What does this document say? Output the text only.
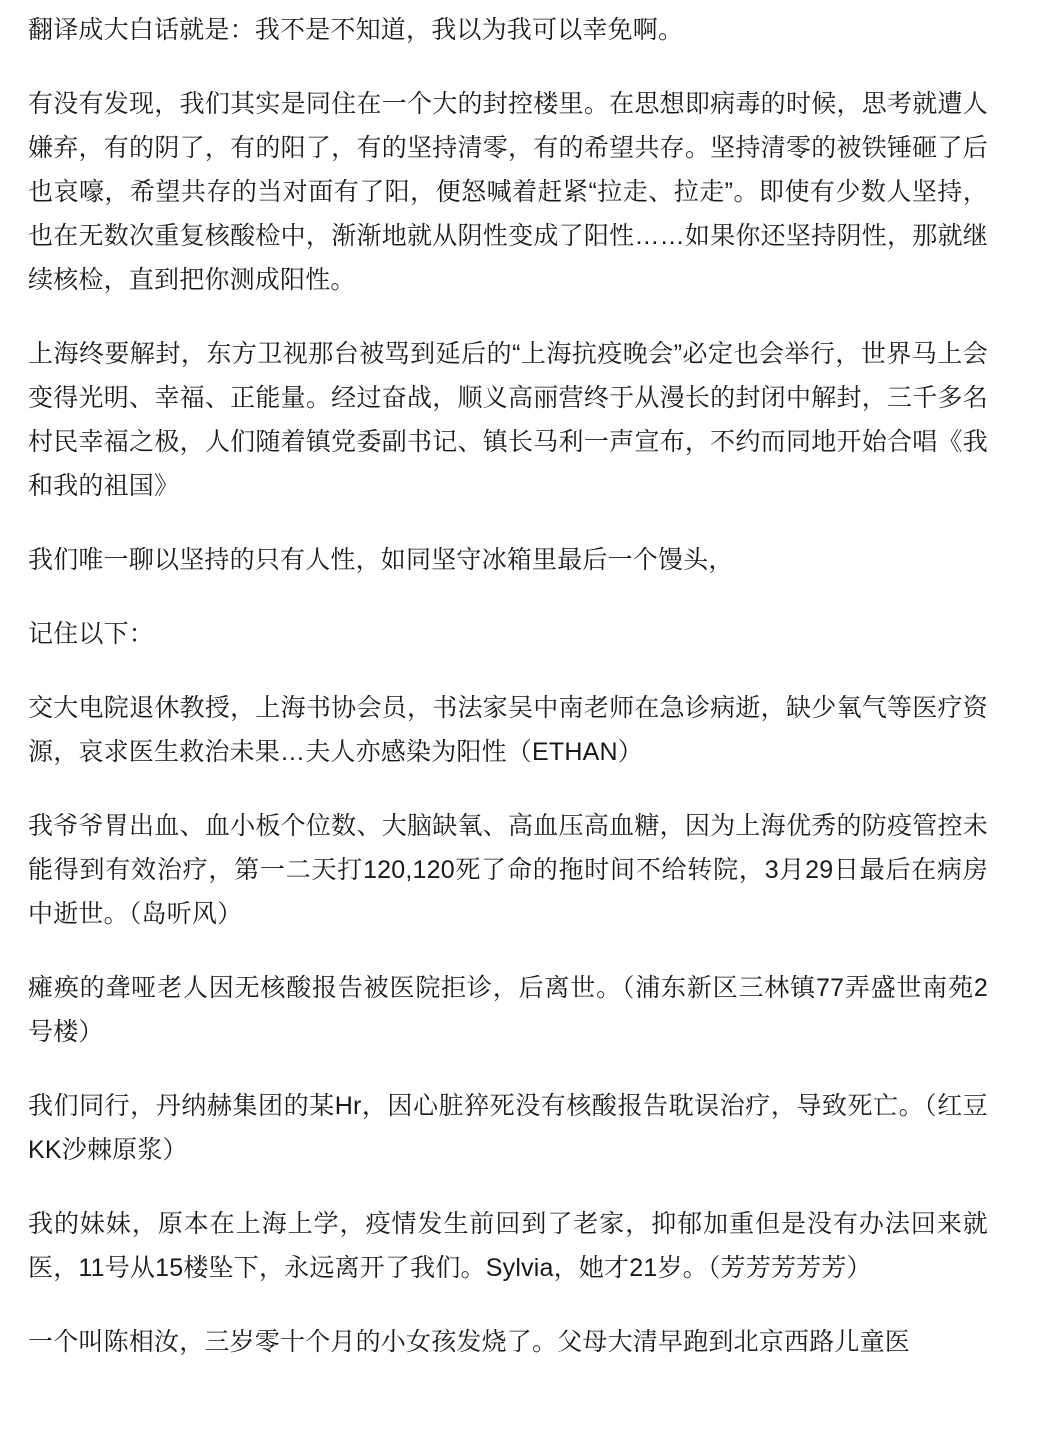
翻译成大白话就是：我不是不知道，我以为我可以幸免啊。

有没有发现，我们其实是同住在一个大的封控楼里。在思想即病毒的时候，思考就遭人嫌弃，有的阴了，有的阳了，有的坚持清零，有的希望共存。坚持清零的被铁锤砸了后也哀嚎，希望共存的当对面有了阳，便怒喊着赶紧“拉走、拉走”。即使有少数人坚持，也在无数次重复核酸检中，渐渐地就从阴性变成了阳性……如果你还坚持阴性，那就继续核检，直到把你测成阳性。

上海终要解封，东方卫视那台被骂到延后的“上海抗疫晚会”必定也会举行，世界马上会变得光明、幸福、正能量。经过奋战，顺义高丽营终于从漫长的封闭中解封，三千多名村民幸福之极，人们随着镇党委副书记、镇长马利一声宣布，不约而同地开始合唱《我和我的祖国》

我们唯一聊以坚持的只有人性，如同坚守冰箱里最后一个馒头，

记住以下：

交大电院退休教授，上海书协会员，书法家吴中南老师在急诊病逝，缺少氧气等医疗资源，哀求医生救治未果…夫人亦感染为阳性（ETHAN）

我爷爷胃出血、血小板个位数、大脑缺氧、高血压高血糖，因为上海优秀的防疫管控未能得到有效治疗，第一二天打120,120死了命的拖时间不给转院，3月29日最后在病房中逝世。（岛听风）

瘫痪的聋哑老人因无核酸报告被医院拒诊，后离世。（浦东新区三林镇77弄盛世南苑2号楼）

我们同行，丹纳赫集团的某Hr，因心脏猝死没有核酸报告耽误治疗，导致死亡。（红豆KK沙棘原浆）

我的妹妹，原本在上海上学，疫情发生前回到了老家，抑郁加重但是没有办法回来就医，11号从15楼坠下，永远离开了我们。Sylvia，她才21岁。（芳芳芳芳芳）

一个叫陈相汝，三岁零十个月的小女孩发烧了。父母大清早跑到北京西路儿童医
